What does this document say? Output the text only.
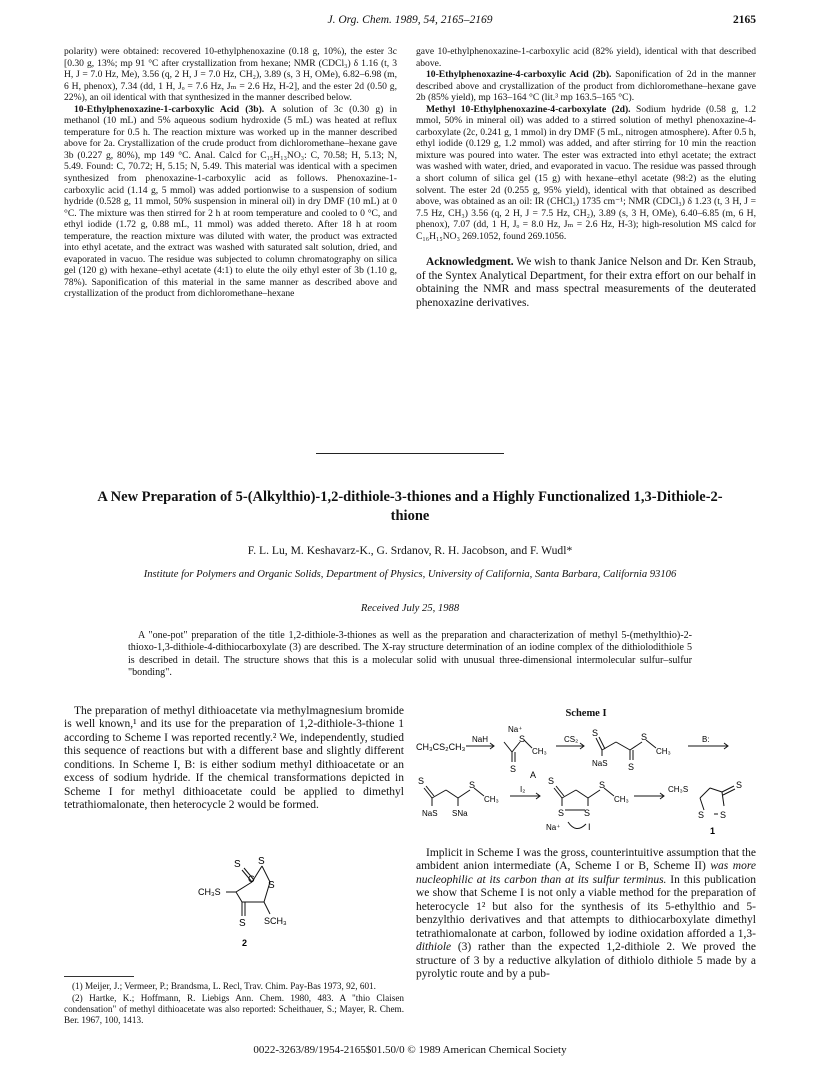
J. Org. Chem. 1989, 54, 2165–2169	2165

polarity) were obtained: recovered 10-ethylphenoxazine (0.18 g, 10%), the ester 3c [0.30 g, 13%; mp 91 °C after crystallization from hexane; NMR (CDCl₃) δ 1.16 (t, 3 H, J = 7.0 Hz, Me), 3.56 (q, 2 H, J = 7.0 Hz, CH₂), 3.89 (s, 3 H, OMe), 6.82–6.98 (m, 6 H, phenox), 7.34 (dd, 1 H, Jₒ = 7.6 Hz, Jₘ = 2.6 Hz, H-2], and the ester 2d (0.50 g, 22%), an oil identical with that synthesized in the manner described below.

10-Ethylphenoxazine-1-carboxylic Acid (3b). A solution of 3c (0.30 g) in methanol (10 mL) and 5% aqueous sodium hydroxide (5 mL) was heated at reflux temperature for 0.5 h. The reaction mixture was worked up in the manner described above for 2a. Crystallization of the crude product from dichloromethane–hexane gave 3b (0.227 g, 80%), mp 149 °C. Anal. Calcd for C₁₅H₁₃NO₃: C, 70.58; H, 5.13; N, 5.49. Found: C, 70.72; H, 5.15; N, 5.49. This material was identical with a specimen synthesized from phenoxazine-1-carboxylic acid as follows. Phenoxazine-1-carboxylic acid (1.14 g, 5 mmol) was added portionwise to a suspension of sodium hydride (0.528 g, 11 mmol, 50% suspension in mineral oil) in dry DMF (10 mL) at 0 °C. The mixture was then stirred for 2 h at room temperature and cooled to 0 °C, and ethyl iodide (1.72 g, 0.88 mL, 11 mmol) was added thereto. After 18 h at room temperature, the reaction mixture was diluted with water, the product was extracted into ethyl acetate, and the extract was washed with saturated salt solution, dried, and evaporated in vacuo. The residue was subjected to column chromatography on silica gel (120 g) with hexane–ethyl acetate (4:1) to elute the oily ethyl ester of 3b (1.10 g, 78%). Saponification of this material in the same manner as described above and crystallization of the product from dichloromethane–hexane

gave 10-ethylphenoxazine-1-carboxylic acid (82% yield), identical with that described above.

10-Ethylphenoxazine-4-carboxylic Acid (2b). Saponification of 2d in the manner described above and crystallization of the product from dichloromethane–hexane gave 2b (85% yield), mp 163–164 °C (lit.³ mp 163.5–165 °C).

Methyl 10-Ethylphenoxazine-4-carboxylate (2d). Sodium hydride (0.58 g, 1.2 mmol, 50% in mineral oil) was added to a stirred solution of methyl phenoxazine-4-carboxylate (2c, 0.241 g, 1 mmol) in dry DMF (5 mL, nitrogen atmosphere). After 0.5 h, ethyl iodide (0.129 g, 1.2 mmol) was added, and after stirring for 10 min the reaction mixture was poured into water. The ester was extracted into ethyl acetate; the extract was washed with water, dried, and evaporated in vacuo. The residue was passed through a short column of silica gel (15 g) with hexane–ethyl acetate (98:2) as the eluting solvent. The ester 2d (0.255 g, 95% yield), identical with that obtained as described above, was obtained as an oil: IR (CHCl₃) 1735 cm⁻¹; NMR (CDCl₃) δ 1.23 (t, 3 H, J = 7.5 Hz, CH₃) 3.56 (q, 2 H, J = 7.5 Hz, CH₂), 3.89 (s, 3 H, OMe), 6.40–6.85 (m, 6 H, phenox), 7.07 (dd, 1 H, Jₒ = 8.0 Hz, Jₘ = 2.6 Hz, H-3); high-resolution MS calcd for C₁₆H₁₅NO₃ 269.1052, found 269.1056.

Acknowledgment. We wish to thank Janice Nelson and Dr. Ken Straub, of the Syntex Analytical Department, for their extra effort on our behalf in obtaining the NMR and mass spectral measurements of the deuterated phenoxazine derivatives.

A New Preparation of 5-(Alkylthio)-1,2-dithiole-3-thiones and a Highly Functionalized 1,3-Dithiole-2-thione
F. L. Lu, M. Keshavarz-K., G. Srdanov, R. H. Jacobson, and F. Wudl*
Institute for Polymers and Organic Solids, Department of Physics, University of California, Santa Barbara, California 93106
Received July 25, 1988
A "one-pot" preparation of the title 1,2-dithiole-3-thiones as well as the preparation and characterization of methyl 5-(methylthio)-2-thioxo-1,3-dithiole-4-dithiocarboxylate (3) are described. The X-ray structure determination of an iodine complex of the dithiolodithiole 5 is described in detail. The structure shows that this is a molecular solid with unusual three-dimensional intermolecular sulfur–sulfur "bonding".

The preparation of methyl dithioacetate via methylmagnesium bromide is well known,¹ and its use for the preparation of 1,2-dithiole-3-thione 1 according to Scheme I was reported recently.² We, independently, studied this sequence of reactions but with a different base and slightly different conditions. In Scheme I, B: is either sodium methyl dithioacetate or an excess of sodium hydride. If the chemical transformations depicted in Scheme I for methyl dithioacetate could be applied to dimethyl tetrathiomalonate, then heterocycle 2 would be formed.

S S
S
C
CH₃S
S SCH₃
2

(1) Meijer, J.; Vermeer, P.; Brandsma, L. Recl, Trav. Chim. Pay-Bas 1973, 92, 601.

(2) Hartke, K.; Hoffmann, R. Liebigs Ann. Chem. 1980, 483. A "thio Claisen condensation" of methyl dithioacetate was also reported: Scheithauer, S.; Mayer, R. Chem. Ber. 1967, 100, 1413.

Scheme I
CH₃CS₂CH₃
NaH
Na⁺
S
CH₃
S
A
CS₂
S
NaS S
S
CH₃
B:
S
NaS SNa
S
CH₃
I₂
S
S S
S
CH₃
Na⁺	I
CH₃S
S S
S
1

Implicit in Scheme I was the gross, counterintuitive assumption that the ambident anion intermediate (A, Scheme I or B, Scheme II) was more nucleophilic at its carbon than at its sulfur terminus. In this publication we show that Scheme I is not only a viable method for the preparation of heterocycle 1² but also for the synthesis of its 5-ethylthio and 5-benzylthio derivatives and that attempts to dithiocarboxylate dimethyl tetrathiomalonate at carbon, followed by iodine oxidation afforded a 1,3-dithiole (3) rather than the expected 1,2-dithiole 2. We proved the structure of 3 by a reductive alkylation of dithiolo dithiole 5 made by a pyrolytic route and by a pub-

0022-3263/89/1954-2165$01.50/0 © 1989 American Chemical Society
